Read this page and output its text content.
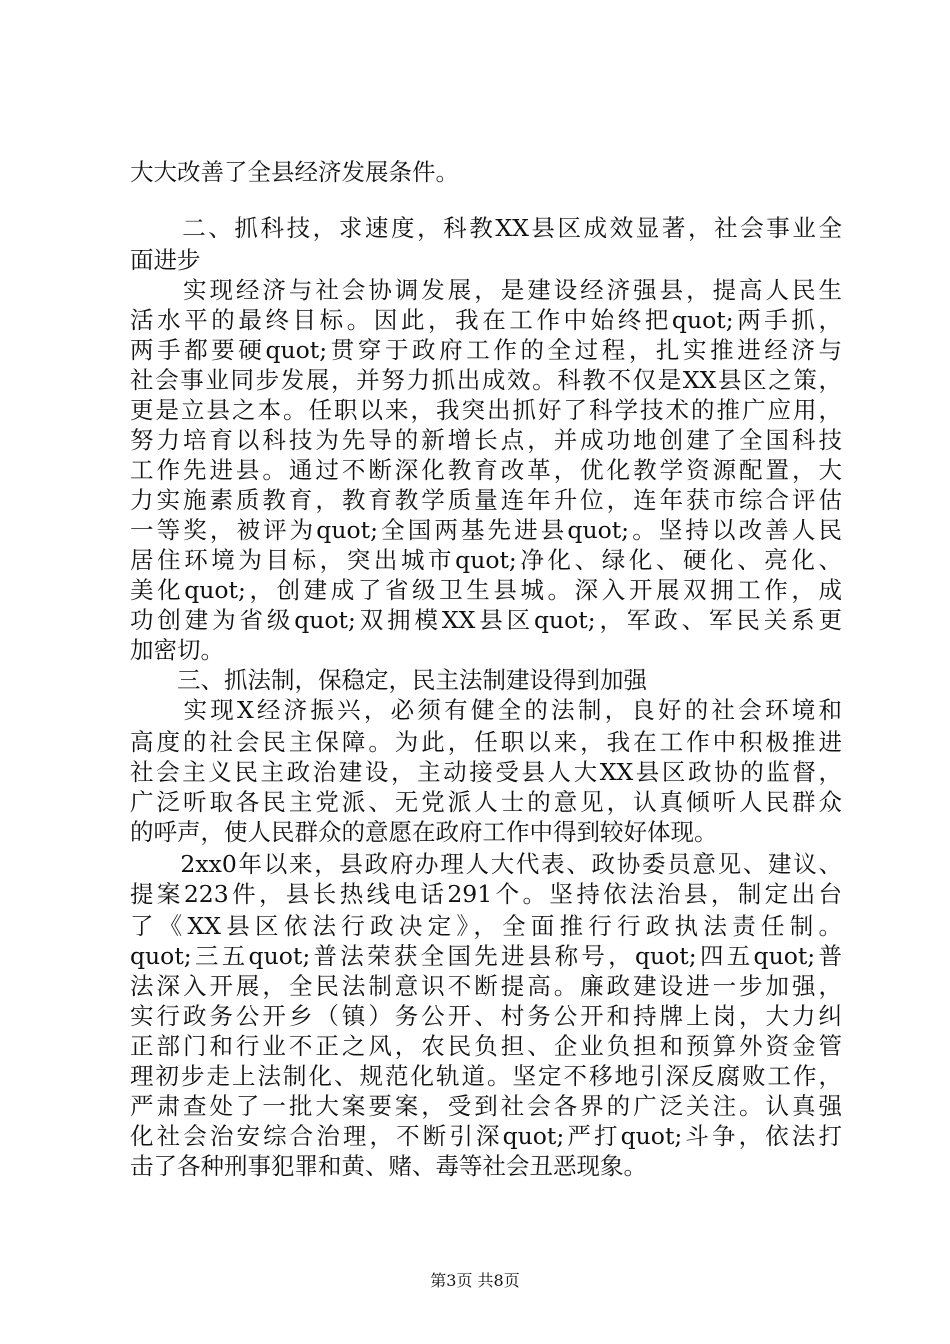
大大改善了全县经济发展条件。
　　二、抓科技，求速度，科教XX县区成效显著，社会事业全
面进步
　　实现经济与社会协调发展，是建设经济强县，提高人民生
活水平的最终目标。因此，我在工作中始终把quot;两手抓，
两手都要硬quot;贯穿于政府工作的全过程，扎实推进经济与
社会事业同步发展，并努力抓出成效。科教不仅是XX县区之策，
更是立县之本。任职以来，我突出抓好了科学技术的推广应用，
努力培育以科技为先导的新增长点，并成功地创建了全国科技
工作先进县。通过不断深化教育改革，优化教学资源配置，大
力实施素质教育，教育教学质量连年升位，连年获市综合评估
一等奖，被评为quot;全国两基先进县quot;。坚持以改善人民
居住环境为目标，突出城市quot;净化、绿化、硬化、亮化、
美化quot;，创建成了省级卫生县城。深入开展双拥工作，成
功创建为省级quot;双拥模XX县区quot;，军政、军民关系更
加密切。
　　三、抓法制，保稳定，民主法制建设得到加强
　　实现X经济振兴，必须有健全的法制，良好的社会环境和
高度的社会民主保障。为此，任职以来，我在工作中积极推进
社会主义民主政治建设，主动接受县人大XX县区政协的监督，
广泛听取各民主党派、无党派人士的意见，认真倾听人民群众
的呼声，使人民群众的意愿在政府工作中得到较好体现。
　　2xx0年以来，县政府办理人大代表、政协委员意见、建议、
提案223件，县长热线电话291个。坚持依法治县，制定出台
了《XX县区依法行政决定》，全面推行行政执法责任制。
quot;三五quot;普法荣获全国先进县称号，quot;四五quot;普
法深入开展，全民法制意识不断提高。廉政建设进一步加强，
实行政务公开乡（镇）务公开、村务公开和持牌上岗，大力纠
正部门和行业不正之风，农民负担、企业负担和预算外资金管
理初步走上法制化、规范化轨道。坚定不移地引深反腐败工作，
严肃查处了一批大案要案，受到社会各界的广泛关注。认真强
化社会治安综合治理，不断引深quot;严打quot;斗争，依法打
击了各种刑事犯罪和黄、赌、毒等社会丑恶现象。
第3页 共8页
